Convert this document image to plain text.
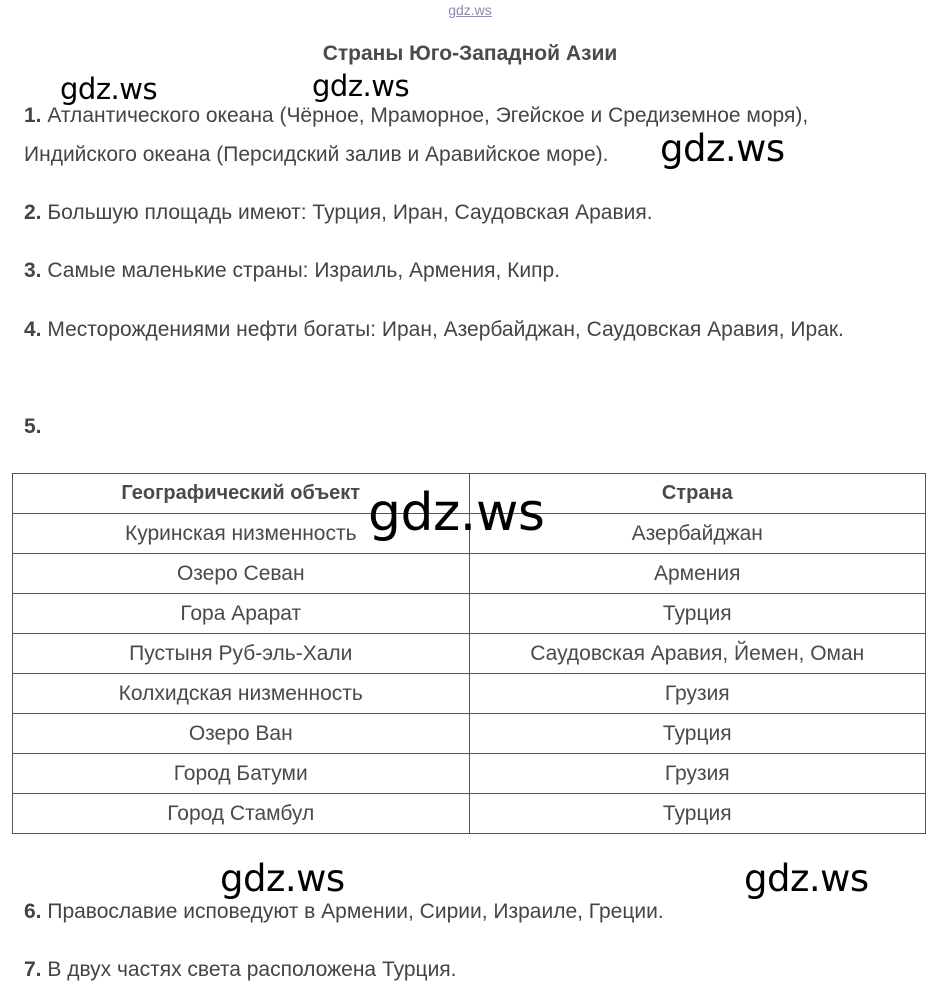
gdz.ws
Страны Юго-Западной Азии
1. Атлантического океана (Чёрное, Мраморное, Эгейское и Средиземное моря), Индийского океана (Персидский залив и Аравийское море).
2. Большую площадь имеют: Турция, Иран, Саудовская Аравия.
3. Самые маленькие страны: Израиль, Армения, Кипр.
4. Месторождениями нефти богаты: Иран, Азербайджан, Саудовская Аравия, Ирак.
5.
Географический объект	Страна
Куринская низменность	Азербайджан
Озеро Севан	Армения
Гора Арарат	Турция
Пустыня Руб-эль-Хали	Саудовская Аравия, Йемен, Оман
Колхидская низменность	Грузия
Озеро Ван	Турция
Город Батуми	Грузия
Город Стамбул	Турция
6. Православие исповедуют в Армении, Сирии, Израиле, Греции.
7. В двух частях света расположена Турция.
gdz.ws	gdz.ws
gdz.ws
gdz.ws
gdz.ws	gdz.ws
